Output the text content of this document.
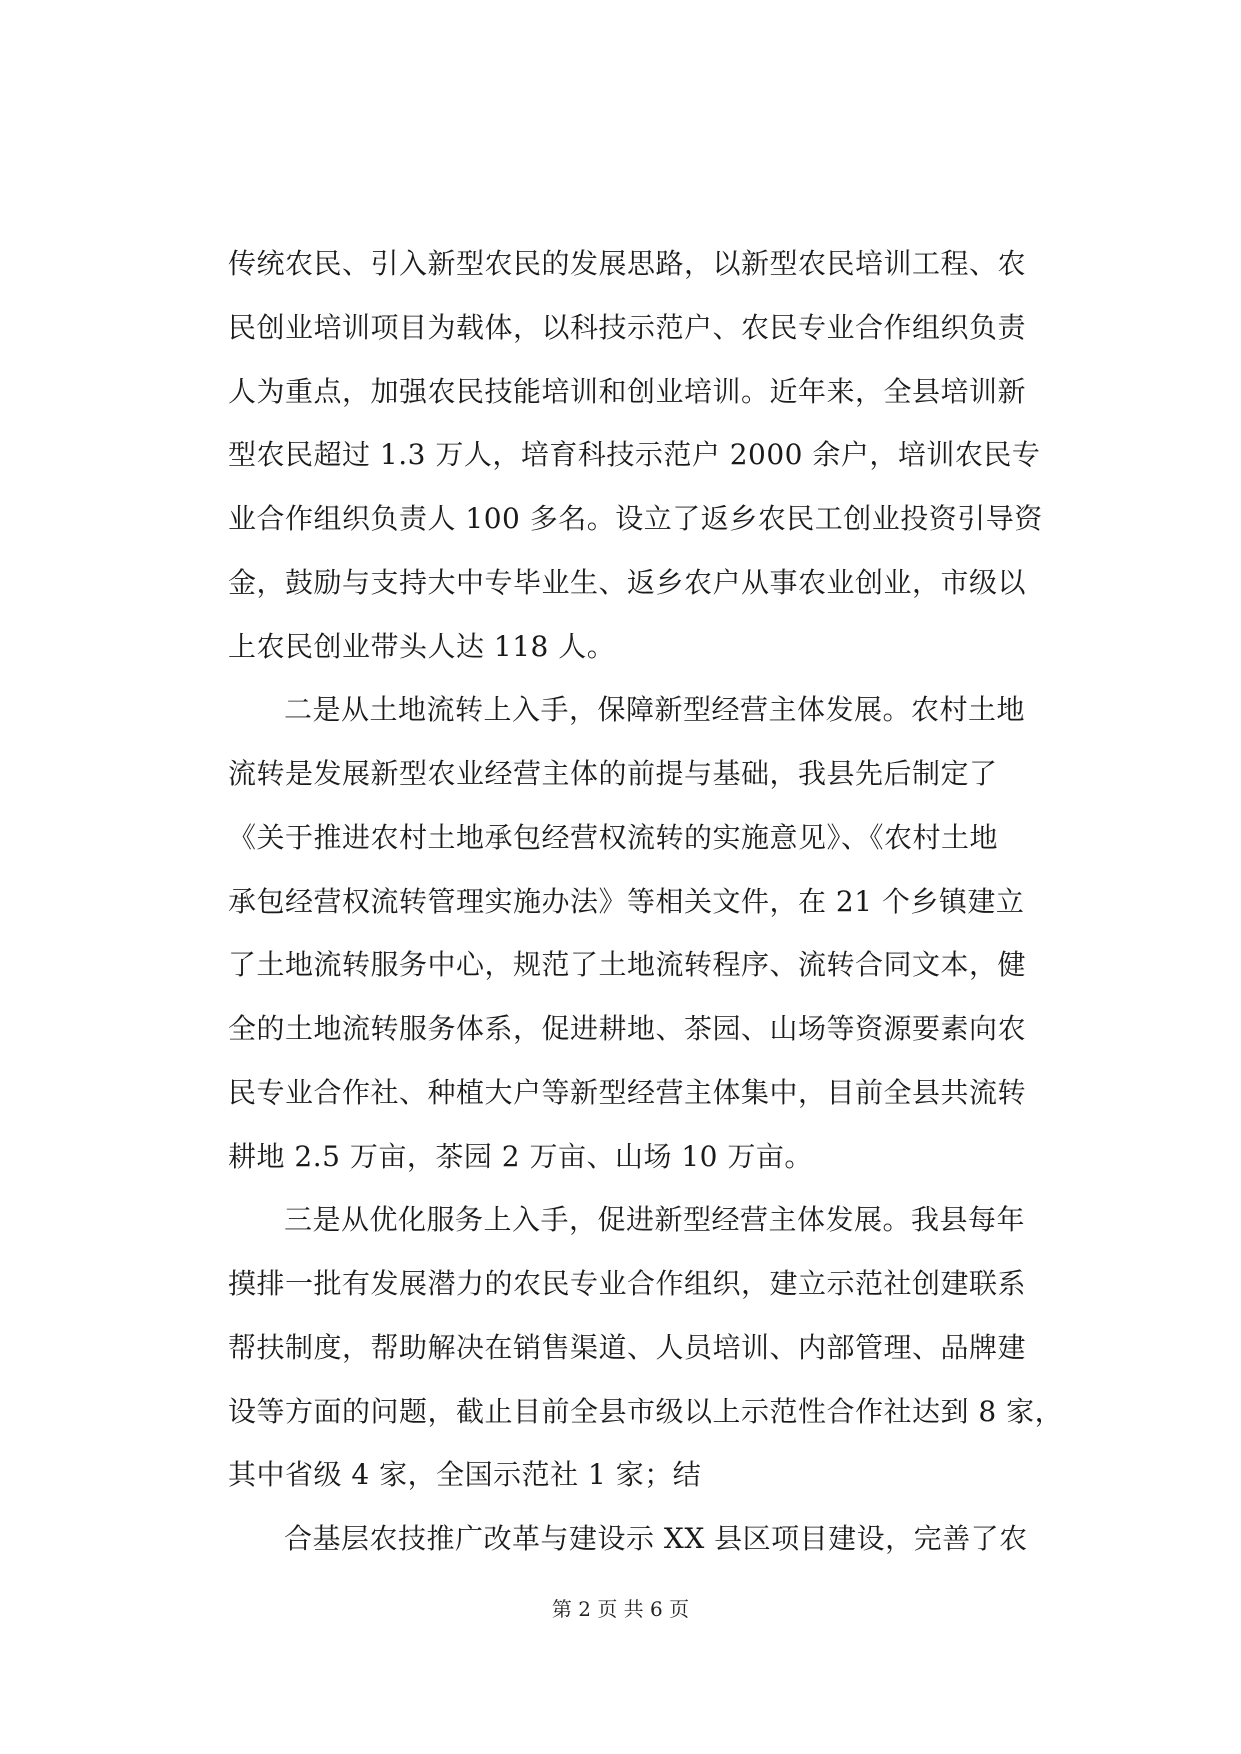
传统农民、引入新型农民的发展思路，以新型农民培训工程、农
民创业培训项目为载体，以科技示范户、农民专业合作组织负责
人为重点，加强农民技能培训和创业培训。近年来，全县培训新
型农民超过 1.3 万人，培育科技示范户 2000 余户，培训农民专
业合作组织负责人 100 多名。设立了返乡农民工创业投资引导资
金，鼓励与支持大中专毕业生、返乡农户从事农业创业，市级以
上农民创业带头人达 118 人。
二是从土地流转上入手，保障新型经营主体发展。农村土地
流转是发展新型农业经营主体的前提与基础，我县先后制定了
《关于推进农村土地承包经营权流转的实施意见》、《农村土地
承包经营权流转管理实施办法》等相关文件，在 21 个乡镇建立
了土地流转服务中心，规范了土地流转程序、流转合同文本，健
全的土地流转服务体系，促进耕地、茶园、山场等资源要素向农
民专业合作社、种植大户等新型经营主体集中，目前全县共流转
耕地 2.5 万亩，茶园 2 万亩、山场 10 万亩。
三是从优化服务上入手，促进新型经营主体发展。我县每年
摸排一批有发展潜力的农民专业合作组织，建立示范社创建联系
帮扶制度，帮助解决在销售渠道、人员培训、内部管理、品牌建
设等方面的问题，截止目前全县市级以上示范性合作社达到 8 家，
其中省级 4 家，全国示范社 1 家；结
合基层农技推广改革与建设示 XX 县区项目建设，完善了农
第 2 页 共 6 页
